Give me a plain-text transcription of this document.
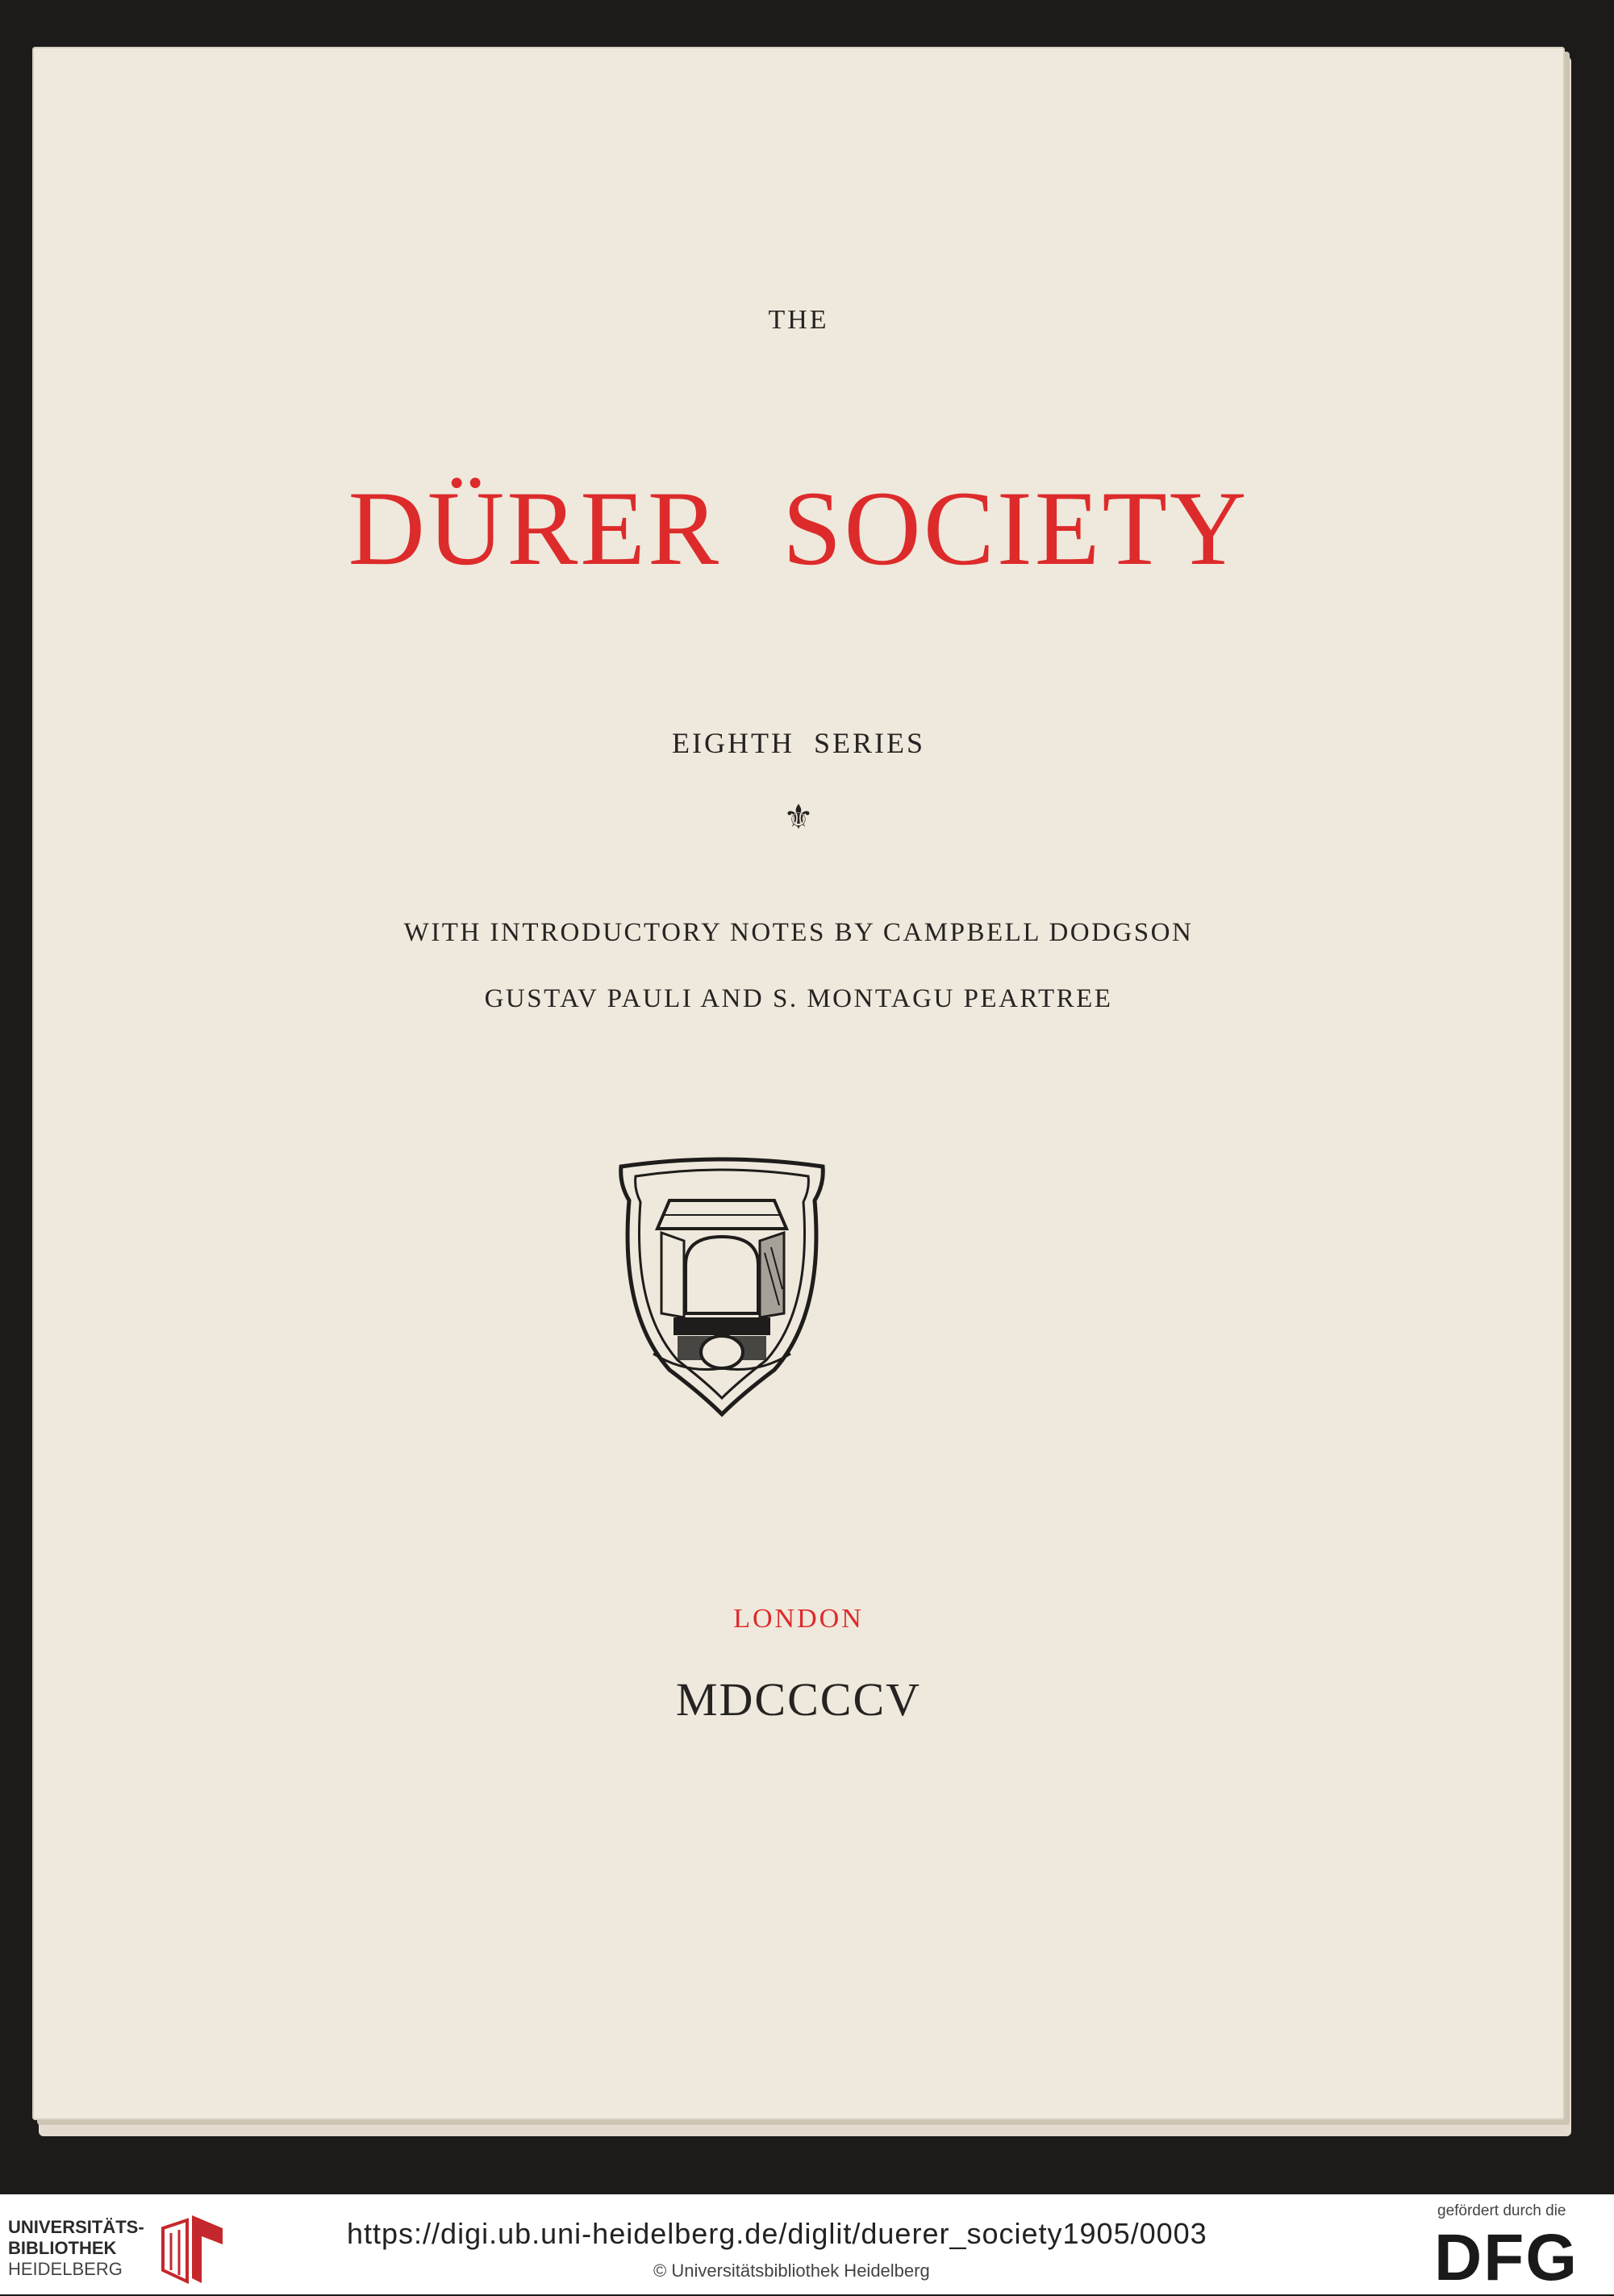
THE
DÜRER SOCIETY
EIGHTH SERIES
⚜
WITH INTRODUCTORY NOTES BY CAMPBELL DODGSON
GUSTAV PAULI AND S. MONTAGU PEARTREE
LONDON
MDCCCCV
UNIVERSITÄTS-
BIBLIOTHEK
HEIDELBERG
https://digi.ub.uni-heidelberg.de/diglit/duerer_society1905/0003
© Universitätsbibliothek Heidelberg
gefördert durch die
DFG
